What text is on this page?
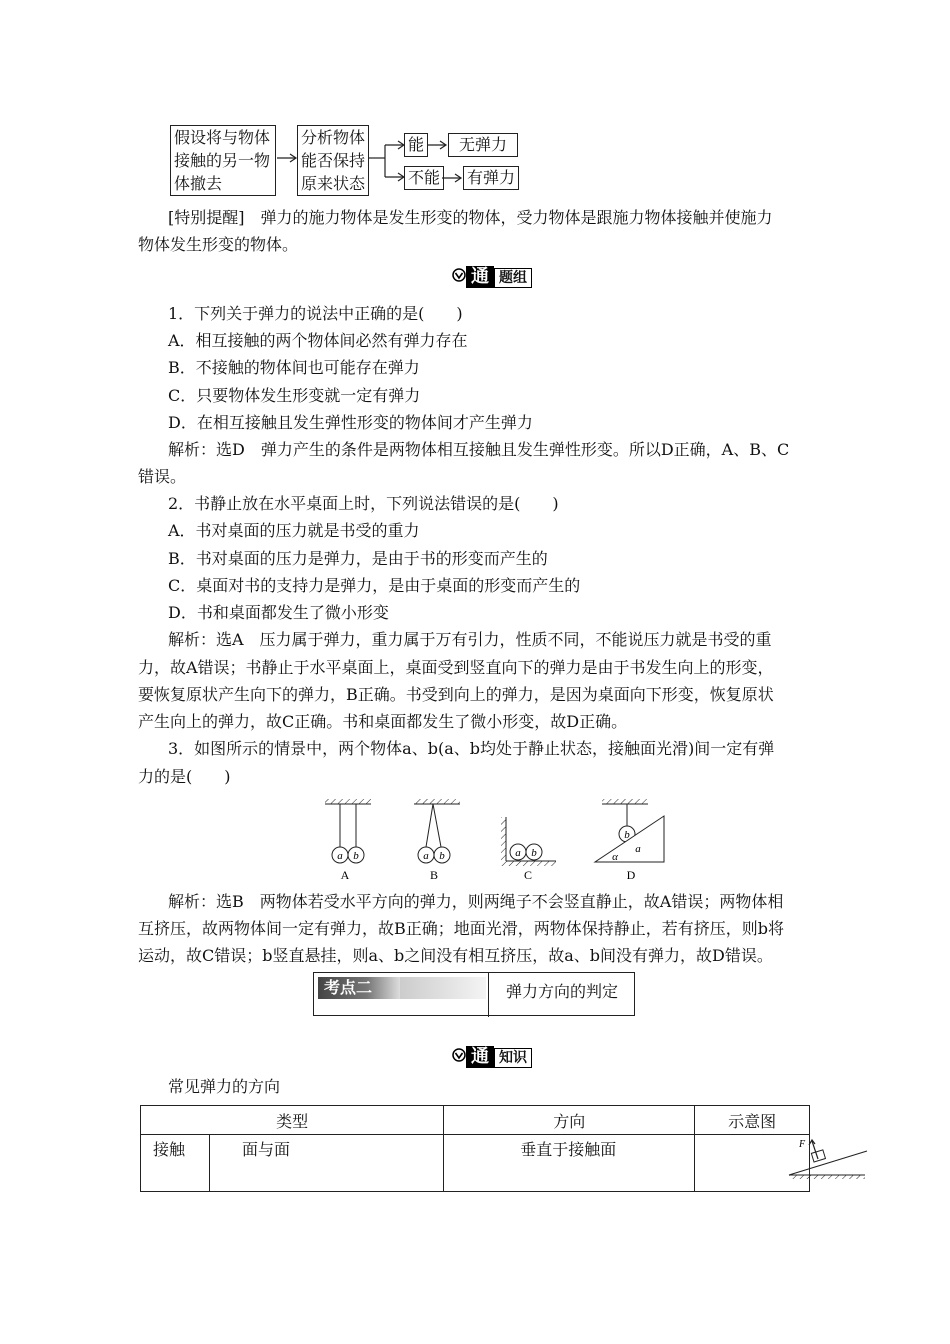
假设将与物体
接触的另一物
体撤去
分析物体
能否保持
原来状态
能	无弹力
不能 有弹力
[特别提醒]　弹力的施力物体是发生形变的物体，受力物体是跟施力物体接触并使施力
物体发生形变的物体。
通 题组
1．下列关于弹力的说法中正确的是(　　)
A．相互接触的两个物体间必然有弹力存在
B．不接触的物体间也可能存在弹力
C．只要物体发生形变就一定有弹力
D．在相互接触且发生弹性形变的物体间才产生弹力
解析：选D　弹力产生的条件是两物体相互接触且发生弹性形变。所以D正确，A、B、C
错误。
2．书静止放在水平桌面上时，下列说法错误的是(　　)
A．书对桌面的压力就是书受的重力
B．书对桌面的压力是弹力，是由于书的形变而产生的
C．桌面对书的支持力是弹力，是由于桌面的形变而产生的
D．书和桌面都发生了微小形变
解析：选A　压力属于弹力，重力属于万有引力，性质不同，不能说压力就是书受的重
力，故A错误；书静止于水平桌面上，桌面受到竖直向下的弹力是由于书发生向上的形变，
要恢复原状产生向下的弹力，B正确。书受到向上的弹力，是因为桌面向下形变，恢复原状
产生向上的弹力，故C正确。书和桌面都发生了微小形变，故D正确。
3．如图所示的情景中，两个物体a、b(a、b均处于静止状态，接触面光滑)间一定有弹
力的是(　　)
a b
A
a b
B
a b
C
b
a
α
D
解析：选B　两物体若受水平方向的弹力，则两绳子不会竖直静止，故A错误；两物体相
互挤压，故两物体间一定有弹力，故B正确；地面光滑，两物体保持静止，若有挤压，则b将
运动，故C错误；b竖直悬挂，则a、b之间没有相互挤压，故a、b间没有弹力，故D错误。
考点二	弹力方向的判定
通 知识
常见弹力的方向
类型		方向	示意图
接触	面与面	垂直于接触面	F
